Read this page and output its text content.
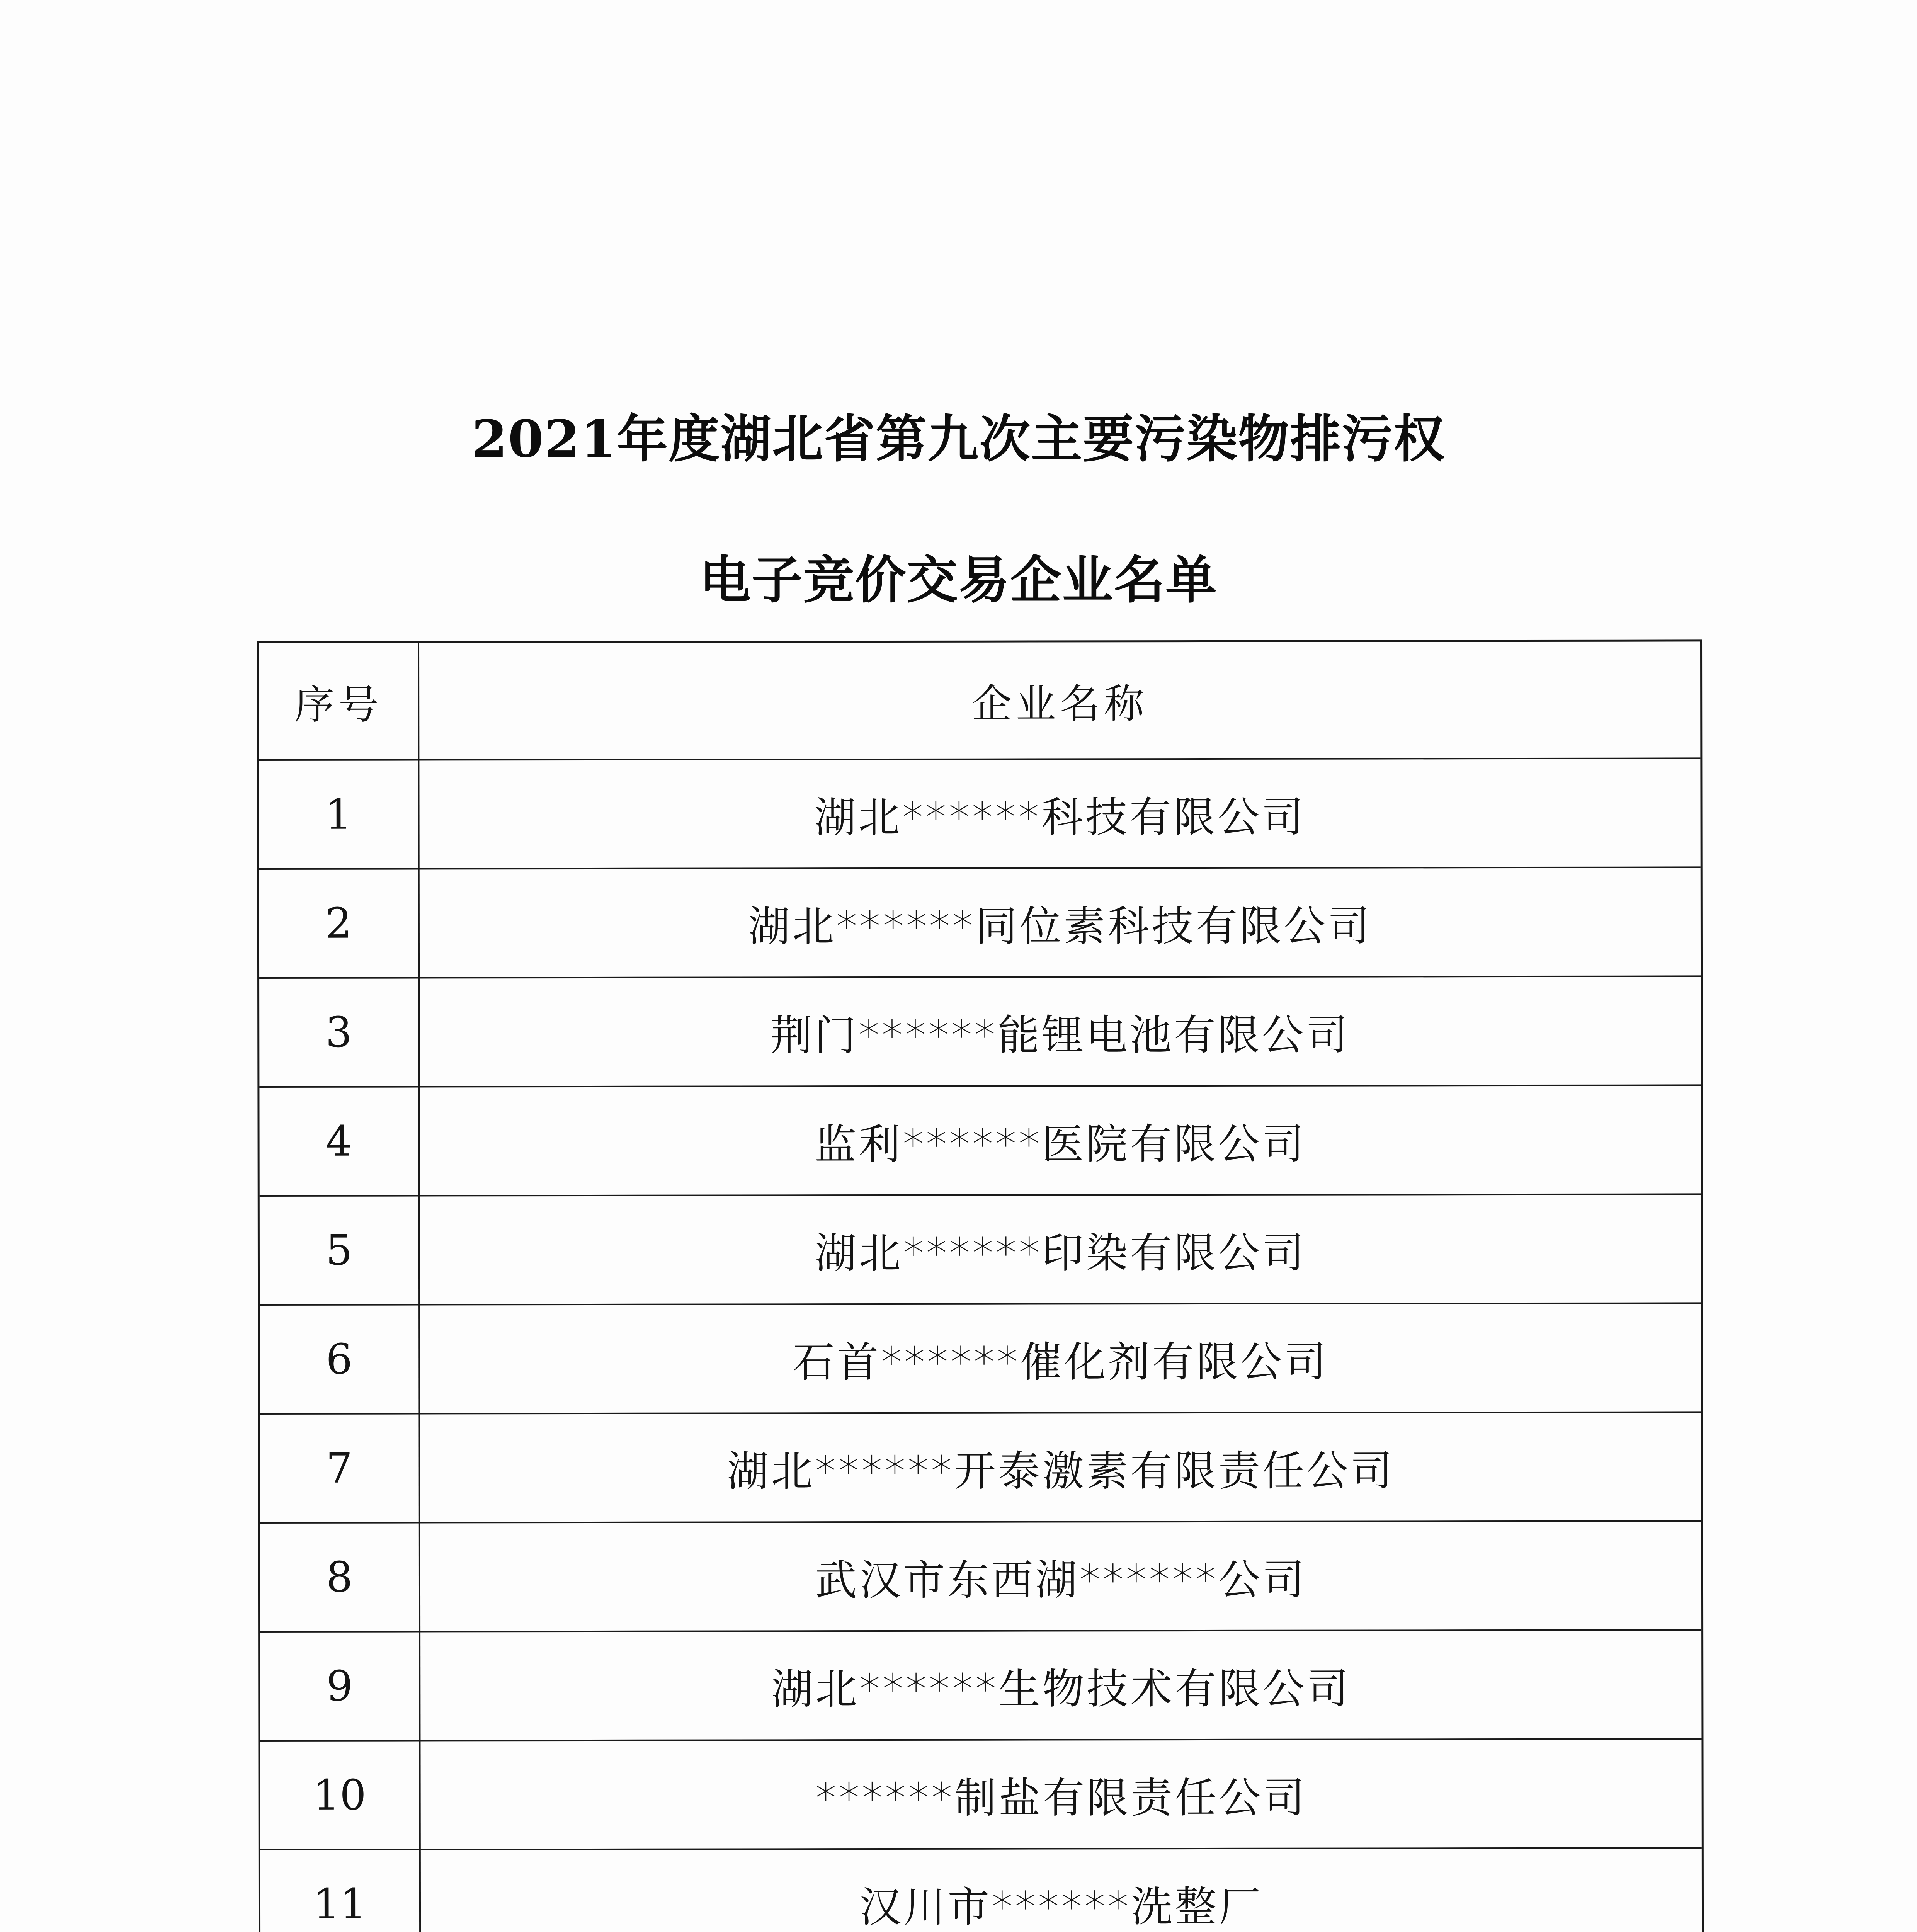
2021年度湖北省第九次主要污染物排污权
电子竞价交易企业名单
序号	企业名称
1	湖北******科技有限公司
2	湖北******同位素科技有限公司
3	荆门******能锂电池有限公司
4	监利******医院有限公司
5	湖北******印染有限公司
6	石首******催化剂有限公司
7	湖北******开泰激素有限责任公司
8	武汉市东西湖******公司
9	湖北******生物技术有限公司
10	******制盐有限责任公司
11	汉川市******洗整厂
